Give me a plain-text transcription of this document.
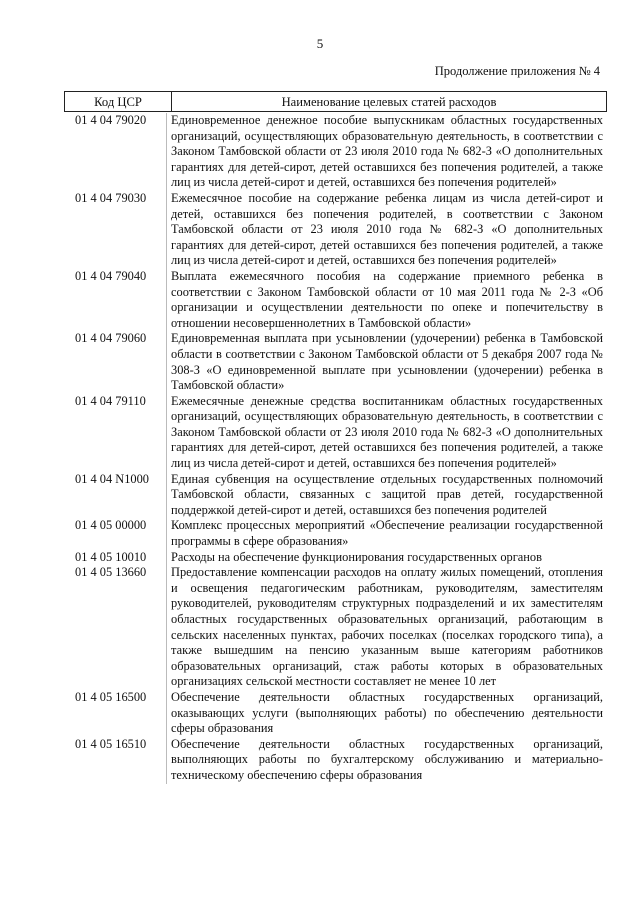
5
Продолжение приложения № 4
Код ЦСР	Наименование целевых статей расходов
01 4 04 79020	Единовременное денежное пособие выпускникам областных государственных организаций, осуществляющих образовательную деятельность, в соответствии с Законом Тамбовской области от 23 июля 2010 года № 682-З «О дополнительных гарантиях для детей-сирот, детей оставшихся без попечения родителей, а также лиц из числа детей-сирот и детей, оставшихся без попечения родителей»
01 4 04 79030	Ежемесячное пособие на содержание ребенка лицам из числа детей-сирот и детей, оставшихся без попечения родителей, в соответствии с Законом Тамбовской области от 23 июля 2010 года № 682-З «О дополнительных гарантиях для детей-сирот, детей оставшихся без попечения родителей, а также лиц из числа детей-сирот и детей, оставшихся без попечения родителей»
01 4 04 79040	Выплата ежемесячного пособия на содержание приемного ребенка в соответствии с Законом Тамбовской области от 10 мая 2011 года № 2-З «Об организации и осуществлении деятельности по опеке и попечительству в отношении несовершеннолетних в Тамбовской области»
01 4 04 79060	Единовременная выплата при усыновлении (удочерении) ребенка в Тамбовской области в соответствии с Законом Тамбовской области от 5 декабря 2007 года № 308-З «О единовременной выплате при усыновлении (удочерении) ребенка в Тамбовской области»
01 4 04 79110	Ежемесячные денежные средства воспитанникам областных государственных организаций, осуществляющих образовательную деятельность, в соответствии с Законом Тамбовской области от 23 июля 2010 года № 682-З «О дополнительных гарантиях для детей-сирот, детей оставшихся без попечения родителей, а также лиц из числа детей-сирот и детей, оставшихся без попечения родителей»
01 4 04 N1000	Единая субвенция на осуществление отдельных государственных полномочий Тамбовской области, связанных с защитой прав детей, государственной поддержкой детей-сирот и детей, оставшихся без попечения родителей
01 4 05 00000	Комплекс процессных мероприятий «Обеспечение реализации государственной программы в сфере образования»
01 4 05 10010	Расходы на обеспечение функционирования государственных органов
01 4 05 13660	Предоставление компенсации расходов на оплату жилых помещений, отопления и освещения педагогическим работникам, руководителям, заместителям руководителей, руководителям структурных подразделений и их заместителям областных государственных образовательных организаций, работающим в сельских населенных пунктах, рабочих поселках (поселках городского типа), а также вышедшим на пенсию указанным выше категориям работников образовательных организаций, стаж работы которых в образовательных организациях сельской местности составляет не менее 10 лет
01 4 05 16500	Обеспечение деятельности областных государственных организаций, оказывающих услуги (выполняющих работы) по обеспечению деятельности сферы образования
01 4 05 16510	Обеспечение деятельности областных государственных организаций, выполняющих работы по бухгалтерскому обслуживанию и материально-техническому обеспечению сферы образования
